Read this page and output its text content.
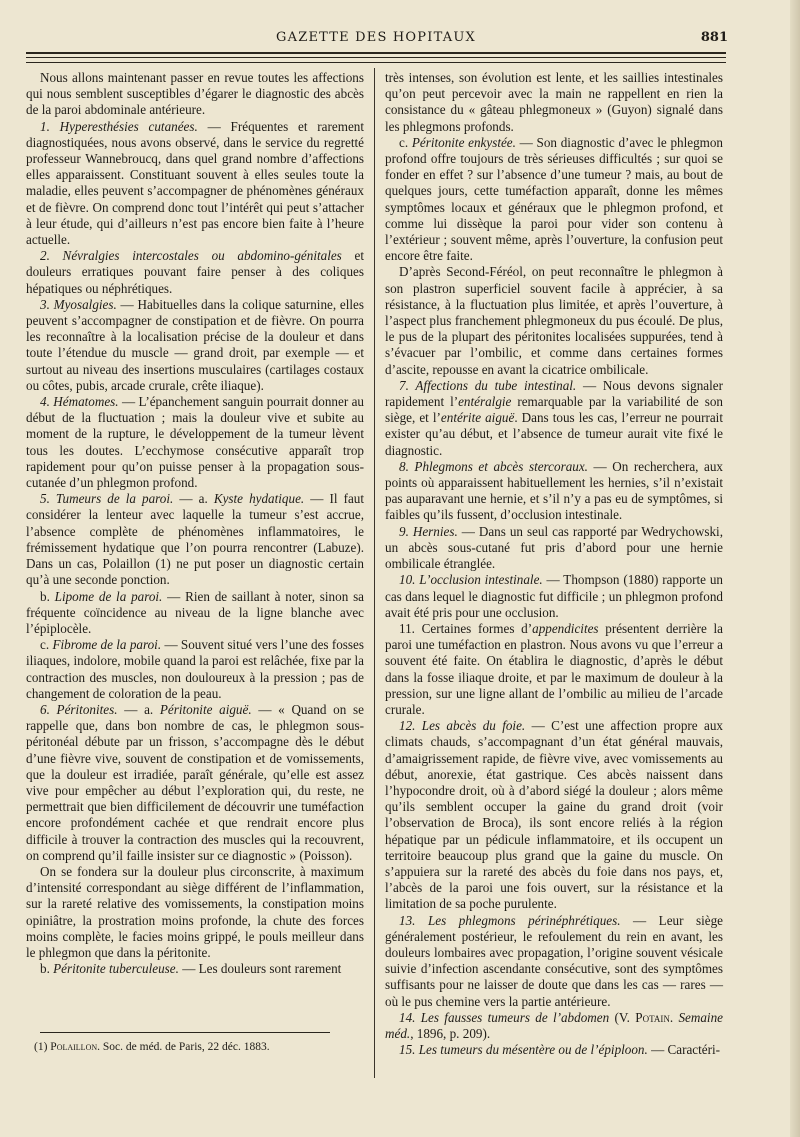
GAZETTE DES HOPITAUX	881

Nous allons maintenant passer en revue toutes les affections qui nous semblent susceptibles d’égarer le diagnostic des abcès de la paroi abdominale antérieure.

1. Hyperesthésies cutanées. — Fréquentes et rarement diagnostiquées, nous avons observé, dans le service du regretté professeur Wannebroucq, dans quel grand nombre d’affections elles apparaissent. Constituant souvent à elles seules toute la maladie, elles peuvent s’accompagner de phénomènes généraux et de fièvre. On comprend donc tout l’intérêt qui peut s’attacher à leur étude, qui d’ailleurs n’est pas encore bien faite à l’heure actuelle.

2. Névralgies intercostales ou abdomino-génitales et douleurs erratiques pouvant faire penser à des coliques hépatiques ou néphrétiques.

3. Myosalgies. — Habituelles dans la colique saturnine, elles peuvent s’accompagner de constipation et de fièvre. On pourra les reconnaître à la localisation précise de la douleur et dans toute l’étendue du muscle — grand droit, par exemple — et surtout au niveau des insertions musculaires (cartilages costaux ou côtes, pubis, arcade crurale, crête iliaque).

4. Hématomes. — L’épanchement sanguin pourrait donner au début de la fluctuation ; mais la douleur vive et subite au moment de la rupture, le développement de la tumeur lèvent tous les doutes. L’ecchymose consécutive apparaît trop rapidement pour qu’on puisse penser à la propagation sous-cutanée d’un phlegmon profond.

5. Tumeurs de la paroi. — a. Kyste hydatique. — Il faut considérer la lenteur avec laquelle la tumeur s’est accrue, l’absence complète de phénomènes inflammatoires, le frémissement hydatique que l’on pourra rencontrer (Labuze). Dans un cas, Polaillon (1) ne put poser un diagnostic certain qu’à une seconde ponction.

b. Lipome de la paroi. — Rien de saillant à noter, sinon sa fréquente coïncidence au niveau de la ligne blanche avec l’épiplocèle.

c. Fibrome de la paroi. — Souvent situé vers l’une des fosses iliaques, indolore, mobile quand la paroi est relâchée, fixe par la contraction des muscles, non douloureux à la pression ; pas de changement de coloration de la peau.

6. Péritonites. — a. Péritonite aiguë. — « Quand on se rappelle que, dans bon nombre de cas, le phlegmon sous-péritonéal débute par un frisson, s’accompagne dès le début d’une fièvre vive, souvent de constipation et de vomissements, que la douleur est irradiée, paraît générale, qu’elle est assez vive pour empêcher au début l’exploration qui, du reste, ne permettrait que bien difficilement de découvrir une tuméfaction encore profondément cachée et que rendrait encore plus difficile à trouver la contraction des muscles qui la recouvrent, on comprend qu’il faille insister sur ce diagnostic » (Poisson).

On se fondera sur la douleur plus circonscrite, à maximum d’intensité correspondant au siège différent de l’inflammation, sur la rareté relative des vomissements, la constipation moins opiniâtre, la prostration moins profonde, la chute des forces moins complète, le facies moins grippé, le pouls meilleur dans le phlegmon que dans la péritonite.

b. Péritonite tuberculeuse. — Les douleurs sont rarement

très intenses, son évolution est lente, et les saillies intestinales qu’on peut percevoir avec la main ne rappellent en rien la consistance du « gâteau phlegmoneux » (Guyon) signalé dans les phlegmons profonds.

c. Péritonite enkystée. — Son diagnostic d’avec le phlegmon profond offre toujours de très sérieuses difficultés ; sur quoi se fonder en effet ? sur l’absence d’une tumeur ? mais, au bout de quelques jours, cette tuméfaction apparaît, donne les mêmes symptômes locaux et généraux que le phlegmon profond, et comme lui dissèque la paroi pour vider son contenu à l’extérieur ; souvent même, après l’ouverture, la confusion peut encore être faite.

D’après Second-Féréol, on peut reconnaître le phlegmon à son plastron superficiel souvent facile à apprécier, à sa résistance, à la fluctuation plus limitée, et après l’ouverture, à l’aspect plus franchement phlegmoneux du pus écoulé. De plus, le pus de la plupart des péritonites localisées suppurées, tend à s’évacuer par l’ombilic, et comme dans certaines formes d’ascite, repousse en avant la cicatrice ombilicale.

7. Affections du tube intestinal. — Nous devons signaler rapidement l’entéralgie remarquable par la variabilité de son siège, et l’entérite aiguë. Dans tous les cas, l’erreur ne pourrait exister qu’au début, et l’absence de tumeur aurait vite fixé le diagnostic.

8. Phlegmons et abcès stercoraux. — On recherchera, aux points où apparaissent habituellement les hernies, s’il n’existait pas auparavant une hernie, et s’il n’y a pas eu de symptômes, si faibles qu’ils fussent, d’occlusion intestinale.

9. Hernies. — Dans un seul cas rapporté par Wedrychowski, un abcès sous-cutané fut pris d’abord pour une hernie ombilicale étranglée.

10. L’occlusion intestinale. — Thompson (1880) rapporte un cas dans lequel le diagnostic fut difficile ; un phlegmon profond avait été pris pour une occlusion.

11. Certaines formes d’appendicites présentent derrière la paroi une tuméfaction en plastron. Nous avons vu que l’erreur a souvent été faite. On établira le diagnostic, d’après le début dans la fosse iliaque droite, et par le maximum de douleur à la pression, sur une ligne allant de l’ombilic au milieu de l’arcade crurale.

12. Les abcès du foie. — C’est une affection propre aux climats chauds, s’accompagnant d’un état général mauvais, d’amaigrissement rapide, de fièvre vive, avec vomissements au début, anorexie, état gastrique. Ces abcès naissent dans l’hypocondre droit, où à d’abord siégé la douleur ; alors même qu’ils semblent occuper la gaine du grand droit (voir l’observation de Broca), ils sont encore reliés à la région hépatique par un pédicule inflammatoire, et ils occupent un territoire beaucoup plus grand que la gaine du muscle. On s’appuiera sur la rareté des abcès du foie dans nos pays, et, l’abcès de la paroi une fois ouvert, sur la résistance et la limitation de sa poche purulente.

13. Les phlegmons périnéphrétiques. — Leur siège généralement postérieur, le refoulement du rein en avant, les douleurs lombaires avec propagation, l’origine souvent vésicale suivie d’infection ascendante consécutive, sont des symptômes suffisants pour ne laisser de doute que dans les cas — rares — où le pus chemine vers la partie antérieure.

14. Les fausses tumeurs de l’abdomen (V. Potain. Semaine méd., 1896, p. 209).

15. Les tumeurs du mésentère ou de l’épiploon. — Caractéri-

(1) Polaillon. Soc. de méd. de Paris, 22 déc. 1883.
